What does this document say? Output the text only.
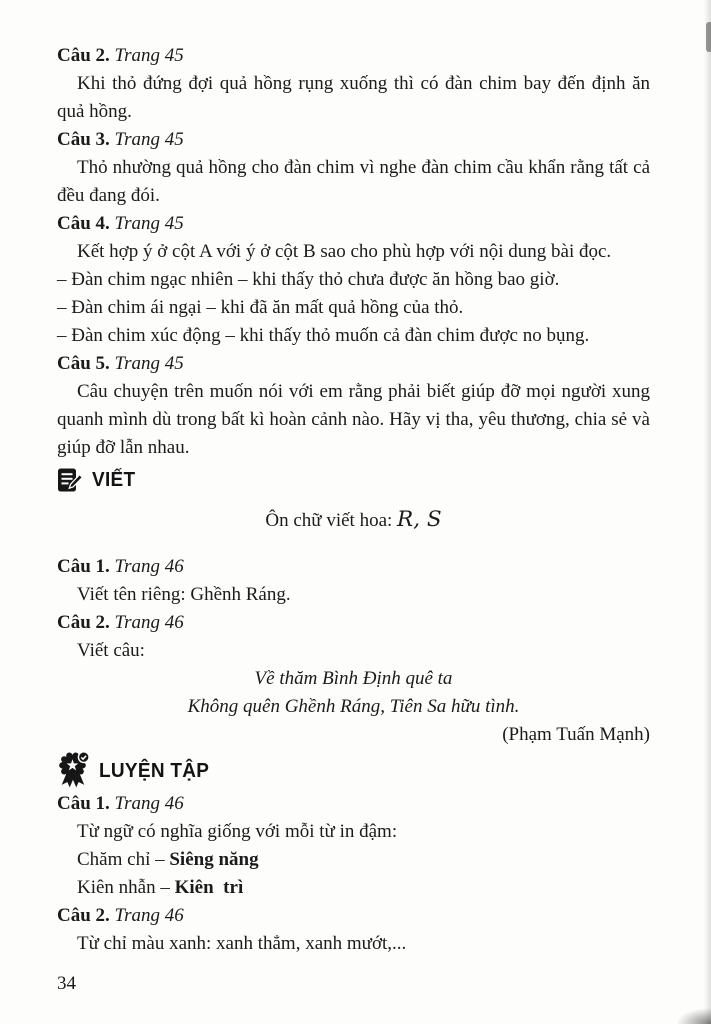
Câu 2. Trang 45

Khi thỏ đứng đợi quả hồng rụng xuống thì có đàn chim bay đến định ăn quả hồng.

Câu 3. Trang 45

Thỏ nhường quả hồng cho đàn chim vì nghe đàn chim cầu khẩn rằng tất cả đều đang đói.

Câu 4. Trang 45

Kết hợp ý ở cột A với ý ở cột B sao cho phù hợp với nội dung bài đọc.

– Đàn chim ngạc nhiên – khi thấy thỏ chưa được ăn hồng bao giờ.

– Đàn chim ái ngại – khi đã ăn mất quả hồng của thỏ.

– Đàn chim xúc động – khi thấy thỏ muốn cả đàn chim được no bụng.

Câu 5. Trang 45

Câu chuyện trên muốn nói với em rằng phải biết giúp đỡ mọi người xung quanh mình dù trong bất kì hoàn cảnh nào. Hãy vị tha, yêu thương, chia sẻ và giúp đỡ lẫn nhau.

VIẾT

Ôn chữ viết hoa: R, S

Câu 1. Trang 46

Viết tên riêng: Ghềnh Ráng.

Câu 2. Trang 46

Viết câu:

Về thăm Bình Định quê ta

Không quên Ghềnh Ráng, Tiên Sa hữu tình.

(Phạm Tuấn Mạnh)

LUYỆN TẬP

Câu 1. Trang 46

Từ ngữ có nghĩa giống với mỗi từ in đậm:

Chăm chỉ – Siêng năng

Kiên nhẫn – Kiên  trì

Câu 2. Trang 46

Từ chỉ màu xanh: xanh thẳm, xanh mướt,...

34
